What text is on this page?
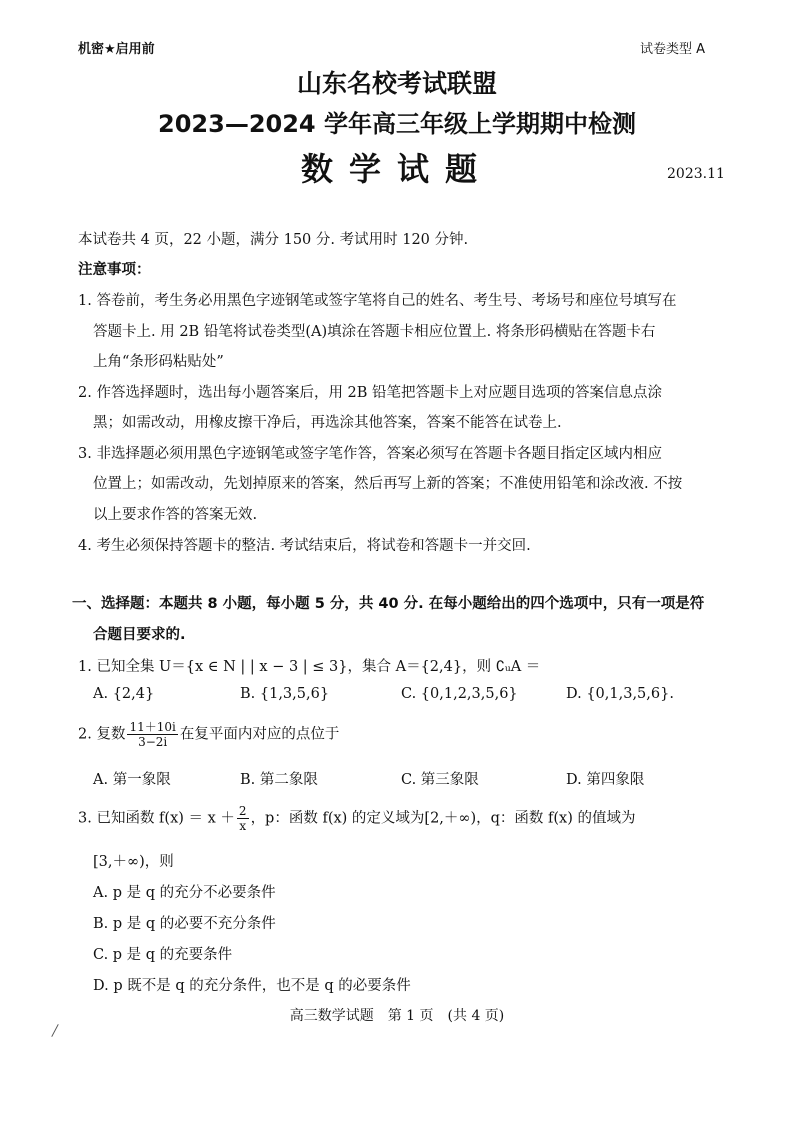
机密★启用前	试卷类型 A
山东名校考试联盟
2023—2024 学年高三年级上学期期中检测
数学试题	2023.11
本试卷共 4 页，22 小题，满分 150 分. 考试用时 120 分钟.
注意事项：
1. 答卷前，考生务必用黑色字迹钢笔或签字笔将自己的姓名、考生号、考场号和座位号填写在
答题卡上. 用 2B 铅笔将试卷类型(A)填涂在答题卡相应位置上. 将条形码横贴在答题卡右
上角“条形码粘贴处”
2. 作答选择题时，选出每小题答案后，用 2B 铅笔把答题卡上对应题目选项的答案信息点涂
黑；如需改动，用橡皮擦干净后，再选涂其他答案，答案不能答在试卷上.
3. 非选择题必须用黑色字迹钢笔或签字笔作答，答案必须写在答题卡各题目指定区域内相应
位置上；如需改动，先划掉原来的答案，然后再写上新的答案；不准使用铅笔和涂改液. 不按
以上要求作答的答案无效.
4. 考生必须保持答题卡的整洁. 考试结束后，将试卷和答题卡一并交回.
一、选择题：本题共 8 小题，每小题 5 分，共 40 分. 在每小题给出的四个选项中，只有一项是符
合题目要求的.
1. 已知全集 U＝{x ∈ N | | x − 3 | ≤ 3}，集合 A＝{2,4}，则 ∁ᵤA ＝
A. {2,4}	B. {1,3,5,6}	C. {0,1,2,3,5,6}	D. {0,1,3,5,6}.
2. 复数 $\frac{11+10i}{3-2i}$ 在复平面内对应的点位于
A. 第一象限	B. 第二象限	C. 第三象限	D. 第四象限
3. 已知函数 $f(x) = x + \frac{2}{x}$ ，p：函数 f(x) 的定义域为[2,＋∞)，q：函数 f(x) 的值域为
[3,＋∞)，则
A. p 是 q 的充分不必要条件
B. p 是 q 的必要不充分条件
C. p 是 q 的充要条件
D. p 既不是 q 的充分条件，也不是 q 的必要条件
高三数学试题　第 1 页　(共 4 页)
